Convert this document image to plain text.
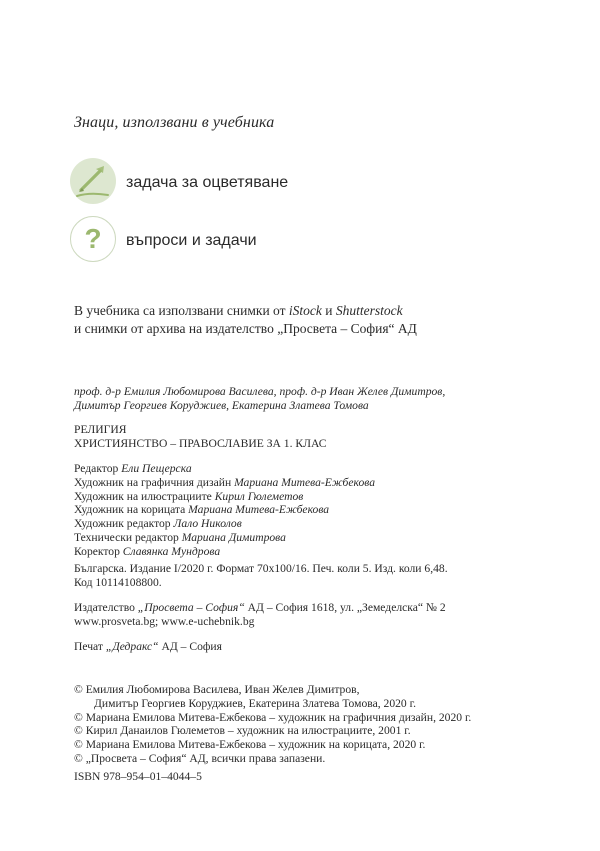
Знаци, използвани в учебника
задача за оцветяване
?	въпроси и задачи
В учебника са използвани снимки от iStock и Shutterstock
и снимки от архива на издателство „Просвета – София“ АД
проф. д-р Емилия Любомирова Василева, проф. д-р Иван Желев Димитров,
Димитър Георгиев Коруджиев, Екатерина Златева Томова
РЕЛИГИЯ
ХРИСТИЯНСТВО – ПРАВОСЛАВИЕ ЗА 1. КЛАС
Редактор Ели Пещерска
Художник на графичния дизайн Мариана Митева-Ежбекова
Художник на илюстрациите Кирил Гюлеметов
Художник на корицата Мариана Митева-Ежбекова
Художник редактор Лало Николов
Технически редактор Мариана Димитрова
Коректор Славянка Мундрова
Българска. Издание I/2020 г. Формат 70х100/16. Печ. коли 5. Изд. коли 6,48.
Код 10114108800.
Издателство „Просвета – София“ АД – София 1618, ул. „Земеделска“ № 2
www.prosveta.bg; www.e-uchebnik.bg
Печат „Дедракс“ АД – София
© Емилия Любомирова Василева, Иван Желев Димитров,
Димитър Георгиев Коруджиев, Екатерина Златева Томова, 2020 г.
© Мариана Емилова Митева-Ежбекова – художник на графичния дизайн, 2020 г.
© Кирил Данаилов Гюлеметов – художник на илюстрациите, 2001 г.
© Мариана Емилова Митева-Ежбекова – художник на корицата, 2020 г.
© „Просвета – София“ АД, всички права запазени.
ISBN 978–954–01–4044–5
